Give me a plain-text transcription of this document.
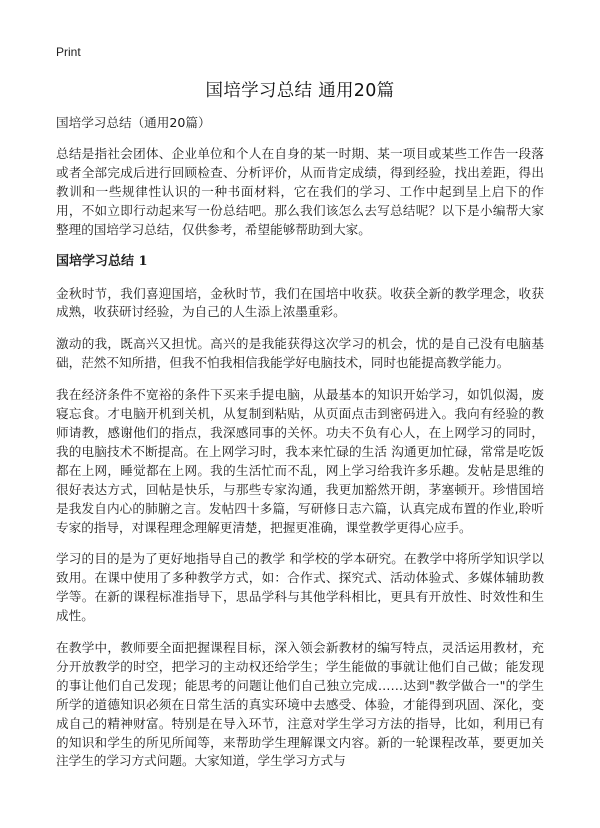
Print
国培学习总结 通用20篇
国培学习总结（通用20篇）

总结是指社会团体、企业单位和个人在自身的某一时期、某一项目或某些工作告一段落或者全部完成后进行回顾检查、分析评价，从而肯定成绩，得到经验，找出差距，得出教训和一些规律性认识的一种书面材料，它在我们的学习、工作中起到呈上启下的作用，不如立即行动起来写一份总结吧。那么我们该怎么去写总结呢？以下是小编帮大家整理的国培学习总结，仅供参考，希望能够帮助到大家。

国培学习总结 1

金秋时节，我们喜迎国培，金秋时节，我们在国培中收获。收获全新的教学理念，收获成熟，收获研讨经验，为自己的人生添上浓墨重彩。

激动的我，既高兴又担忧。高兴的是我能获得这次学习的机会，忧的是自己没有电脑基础，茫然不知所措，但我不怕我相信我能学好电脑技术，同时也能提高教学能力。

我在经济条件不宽裕的条件下买来手提电脑，从最基本的知识开始学习，如饥似渴，废寝忘食。才电脑开机到关机，从复制到粘贴，从页面点击到密码进入。我向有经验的教师请教，感谢他们的指点，我深感同事的关怀。功夫不负有心人，在上网学习的同时，我的电脑技术不断提高。在上网学习时，我本来忙碌的生活 沟通更加忙碌，常常是吃饭都在上网，睡觉都在上网。我的生活忙而不乱，网上学习给我许多乐趣。发帖是思维的很好表达方式，回帖是快乐，与那些专家沟通，我更加豁然开朗，茅塞顿开。珍惜国培是我发自内心的肺腑之言。发帖四十多篇，写研修日志六篇，认真完成布置的作业,聆听专家的指导，对课程理念理解更清楚，把握更准确，课堂教学更得心应手。

学习的目的是为了更好地指导自己的教学 和学校的学本研究。在教学中将所学知识学以致用。在课中使用了多种教学方式，如：合作式、探究式、活动体验式、多媒体辅助教学等。在新的课程标准指导下，思品学科与其他学科相比，更具有开放性、时效性和生成性。

在教学中，教师要全面把握课程目标，深入领会新教材的编写特点，灵活运用教材，充分开放教学的时空，把学习的主动权还给学生；学生能做的事就让他们自己做；能发现的事让他们自己发现；能思考的问题让他们自己独立完成……达到"教学做合一"的学生所学的道德知识必须在日常生活的真实环境中去感受、体验，才能得到巩固、深化，变成自己的精神财富。特别是在导入环节，注意对学生学习方法的指导，比如，利用已有的知识和学生的所见所闻等，来帮助学生理解课文内容。新的一轮课程改革，要更加关注学生的学习方式问题。大家知道，学生学习方式与
